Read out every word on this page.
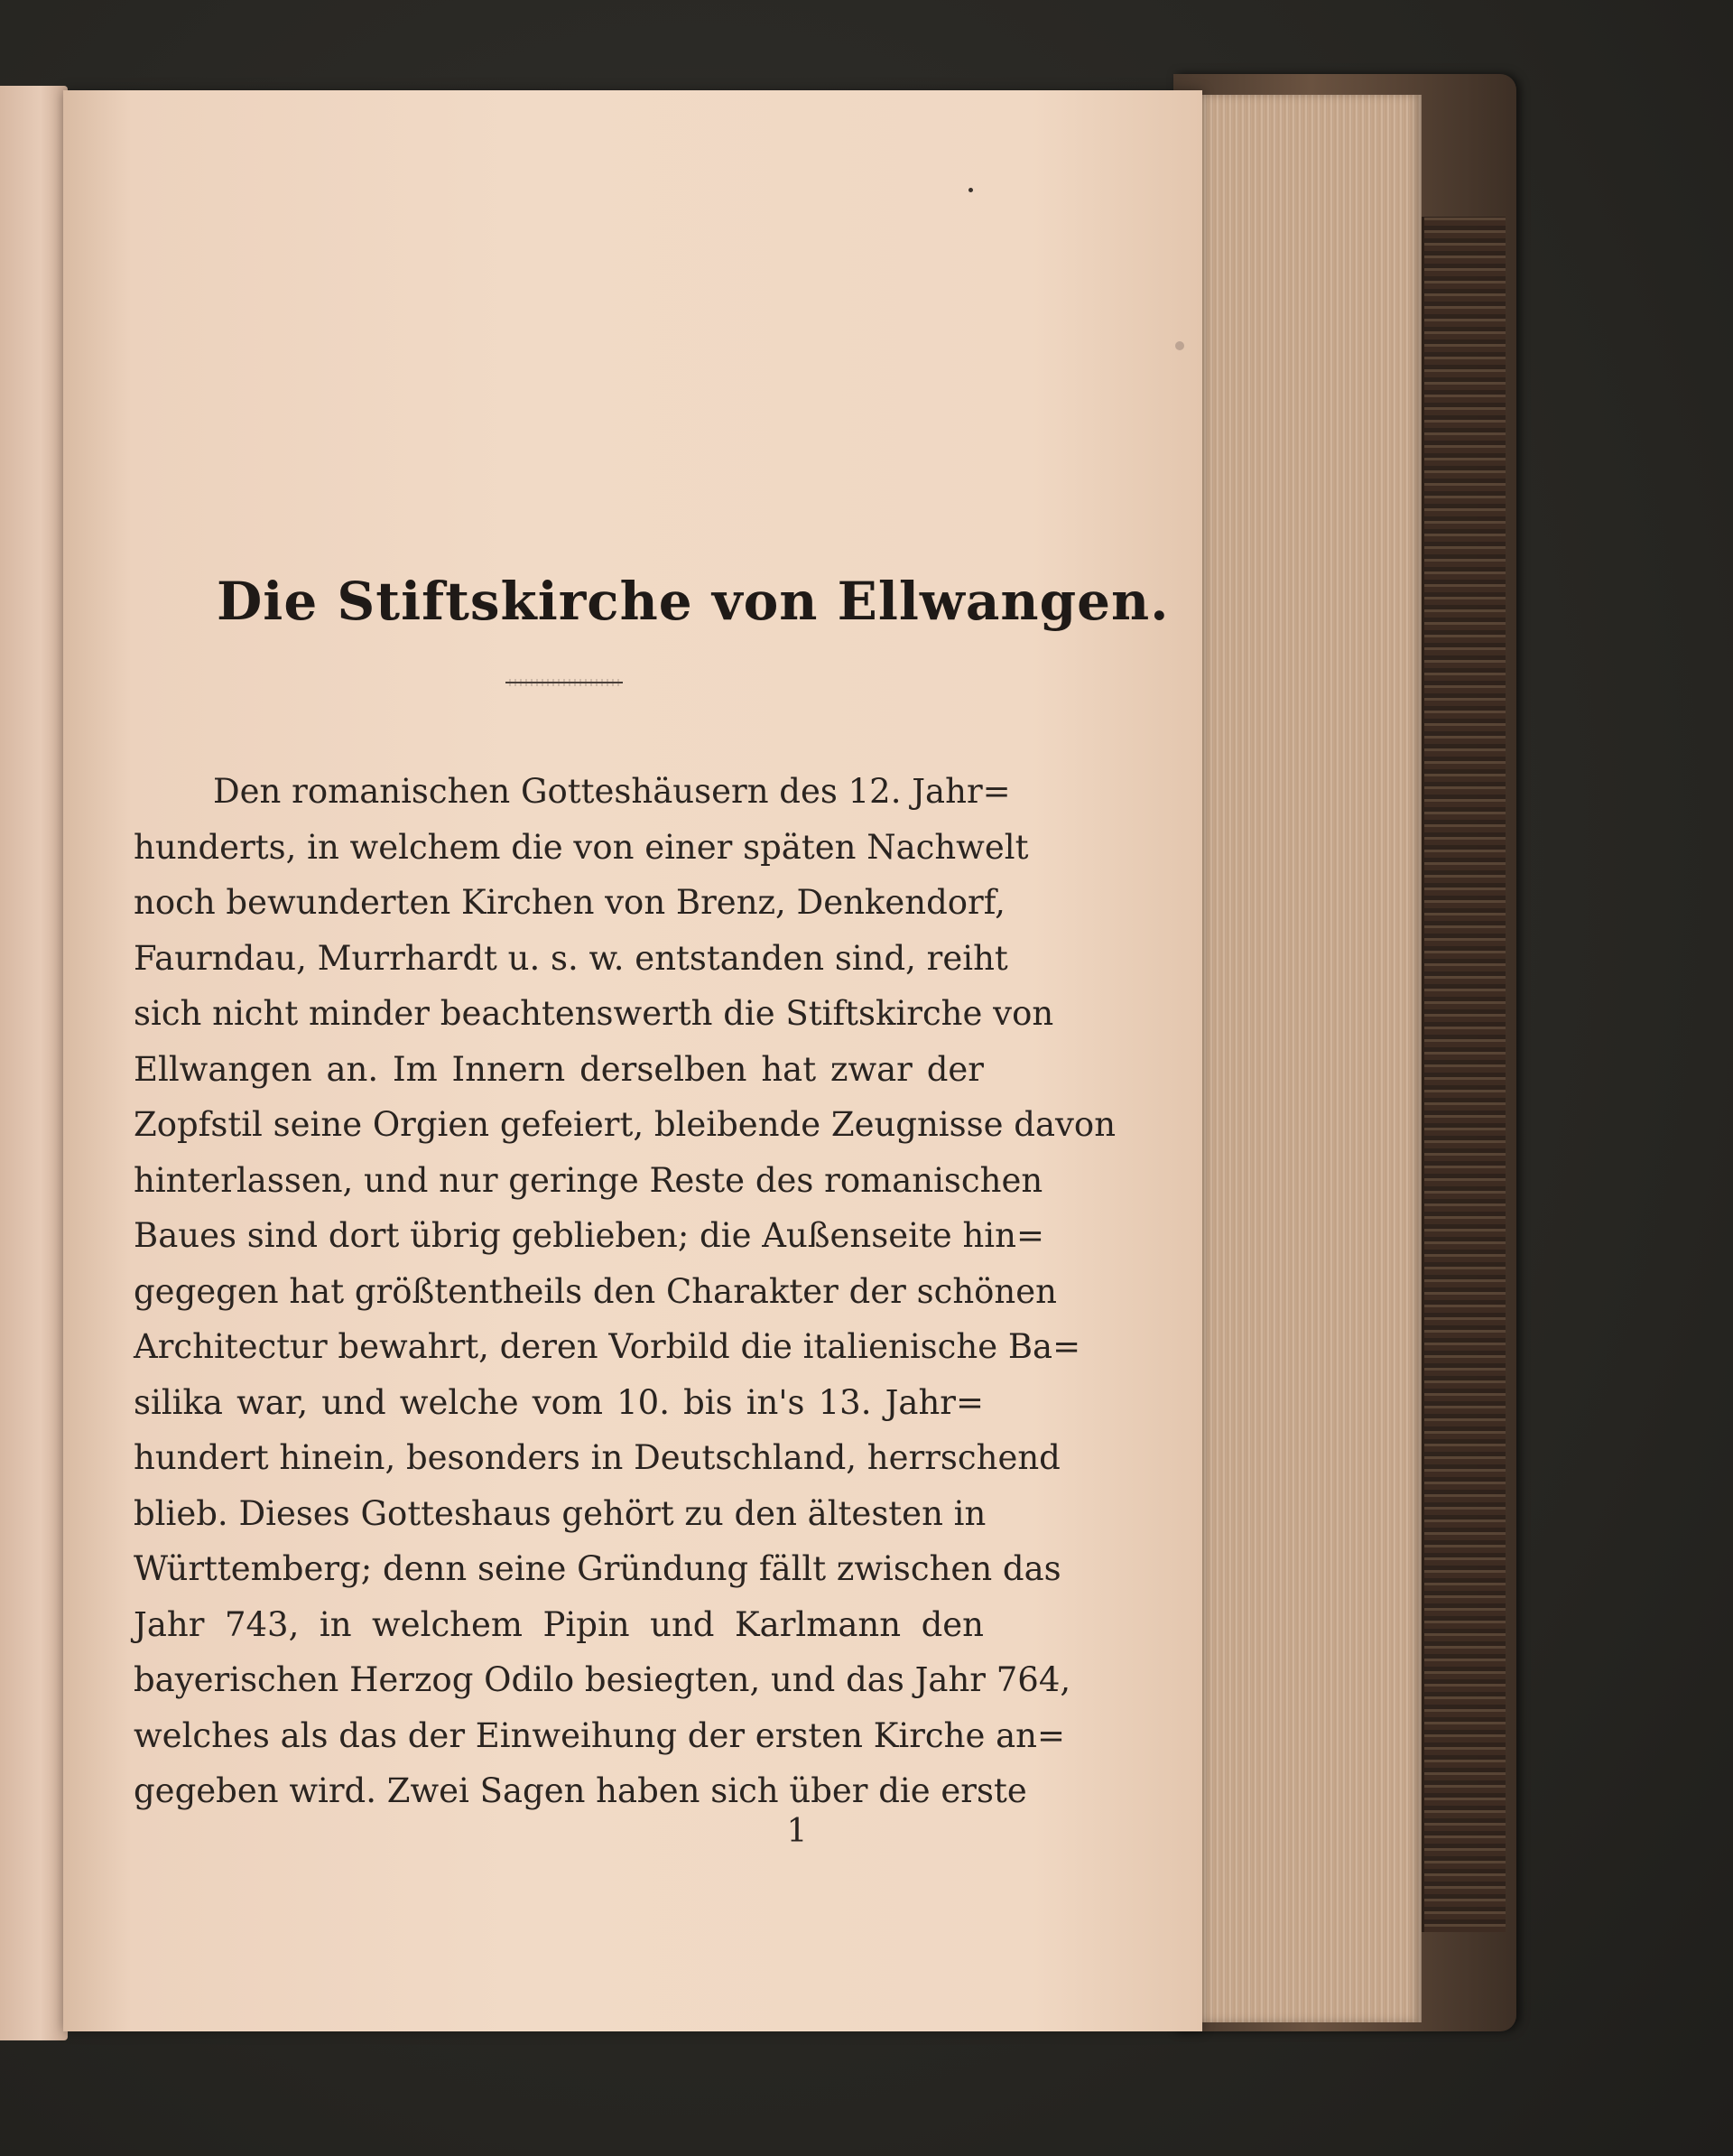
Die Stiftskirche von Ellwangen.
Den romanischen Gotteshäusern des 12. Jahr=
hunderts, in welchem die von einer späten Nachwelt
noch bewunderten Kirchen von Brenz, Denkendorf,
Faurndau, Murrhardt u. s. w. entstanden sind, reiht
sich nicht minder beachtenswerth die Stiftskirche von
Ellwangen an. Im Innern derselben hat zwar der
Zopfstil seine Orgien gefeiert, bleibende Zeugnisse davon
hinterlassen, und nur geringe Reste des romanischen
Baues sind dort übrig geblieben; die Außenseite hin=
gegegen hat größtentheils den Charakter der schönen
Architectur bewahrt, deren Vorbild die italienische Ba=
silika war, und welche vom 10. bis in's 13. Jahr=
hundert hinein, besonders in Deutschland, herrschend
blieb. Dieses Gotteshaus gehört zu den ältesten in
Württemberg; denn seine Gründung fällt zwischen das
Jahr 743, in welchem Pipin und Karlmann den
bayerischen Herzog Odilo besiegten, und das Jahr 764,
welches als das der Einweihung der ersten Kirche an=
gegeben wird. Zwei Sagen haben sich über die erste
1
